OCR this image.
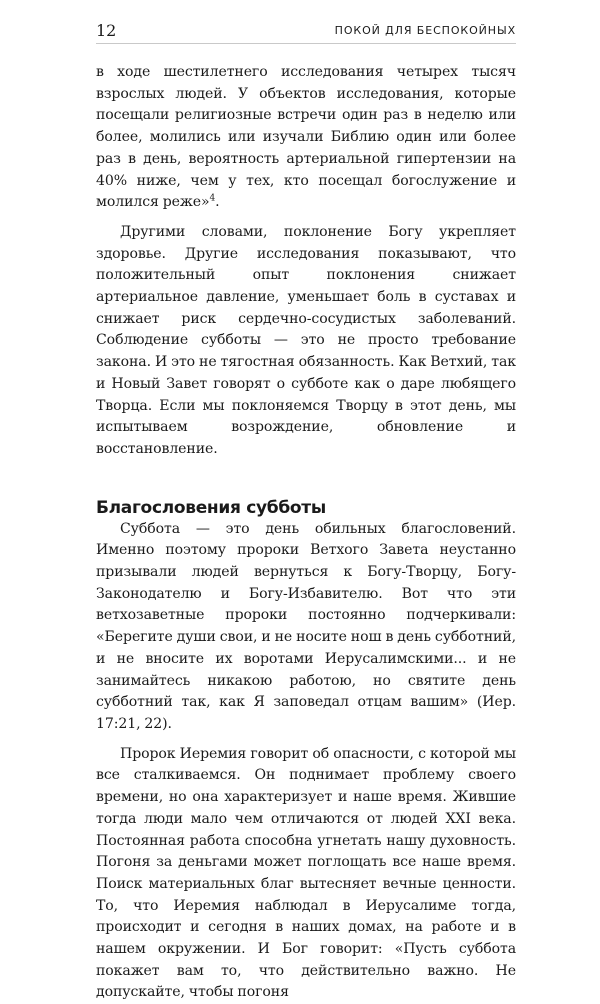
12	ПОКОЙ ДЛЯ БЕСПОКОЙНЫХ

в ходе шестилетнего исследования четырех тысяч взрослых людей. У объектов исследования, которые посещали религиозные встречи один раз в неделю или более, молились или изучали Библию один или более раз в день, вероятность артериальной гипертензии на 40% ниже, чем у тех, кто посещал богослужение и молился реже»$^4$.

Другими словами, поклонение Богу укрепляет здоровье. Другие исследования показывают, что положительный опыт поклонения снижает артериальное давление, уменьшает боль в суставах и снижает риск сердечно-сосудистых заболеваний. Соблюдение субботы — это не просто требование закона. И это не тягостная обязанность. Как Ветхий, так и Новый Завет говорят о субботе как о даре любящего Творца. Если мы поклоняемся Творцу в этот день, мы испытываем возрождение, обновление и восстановление.

Благословения субботы

Суббота — это день обильных благословений. Именно поэтому пророки Ветхого Завета неустанно призывали людей вернуться к Богу-Творцу, Богу-Законодателю и Богу-Избавителю. Вот что эти ветхозаветные пророки постоянно подчеркивали: «Берегите души свои, и не носите нош в день субботний, и не вносите их воротами Иерусалимскими... и не занимайтесь никакою работою, но святите день субботний так, как Я заповедал отцам вашим» (Иер. 17:21, 22).

Пророк Иеремия говорит об опасности, с которой мы все сталкиваемся. Он поднимает проблему своего времени, но она характеризует и наше время. Жившие тогда люди мало чем отличаются от людей XXI века. Постоянная работа способна угнетать нашу духовность. Погоня за деньгами может поглощать все наше время. Поиск материальных благ вытесняет вечные ценности. То, что Иеремия наблюдал в Иерусалиме тогда, происходит и сегодня в наших домах, на работе и в нашем окружении. И Бог говорит: «Пусть суббота покажет вам то, что действительно важно. Не допускайте, чтобы погоня
